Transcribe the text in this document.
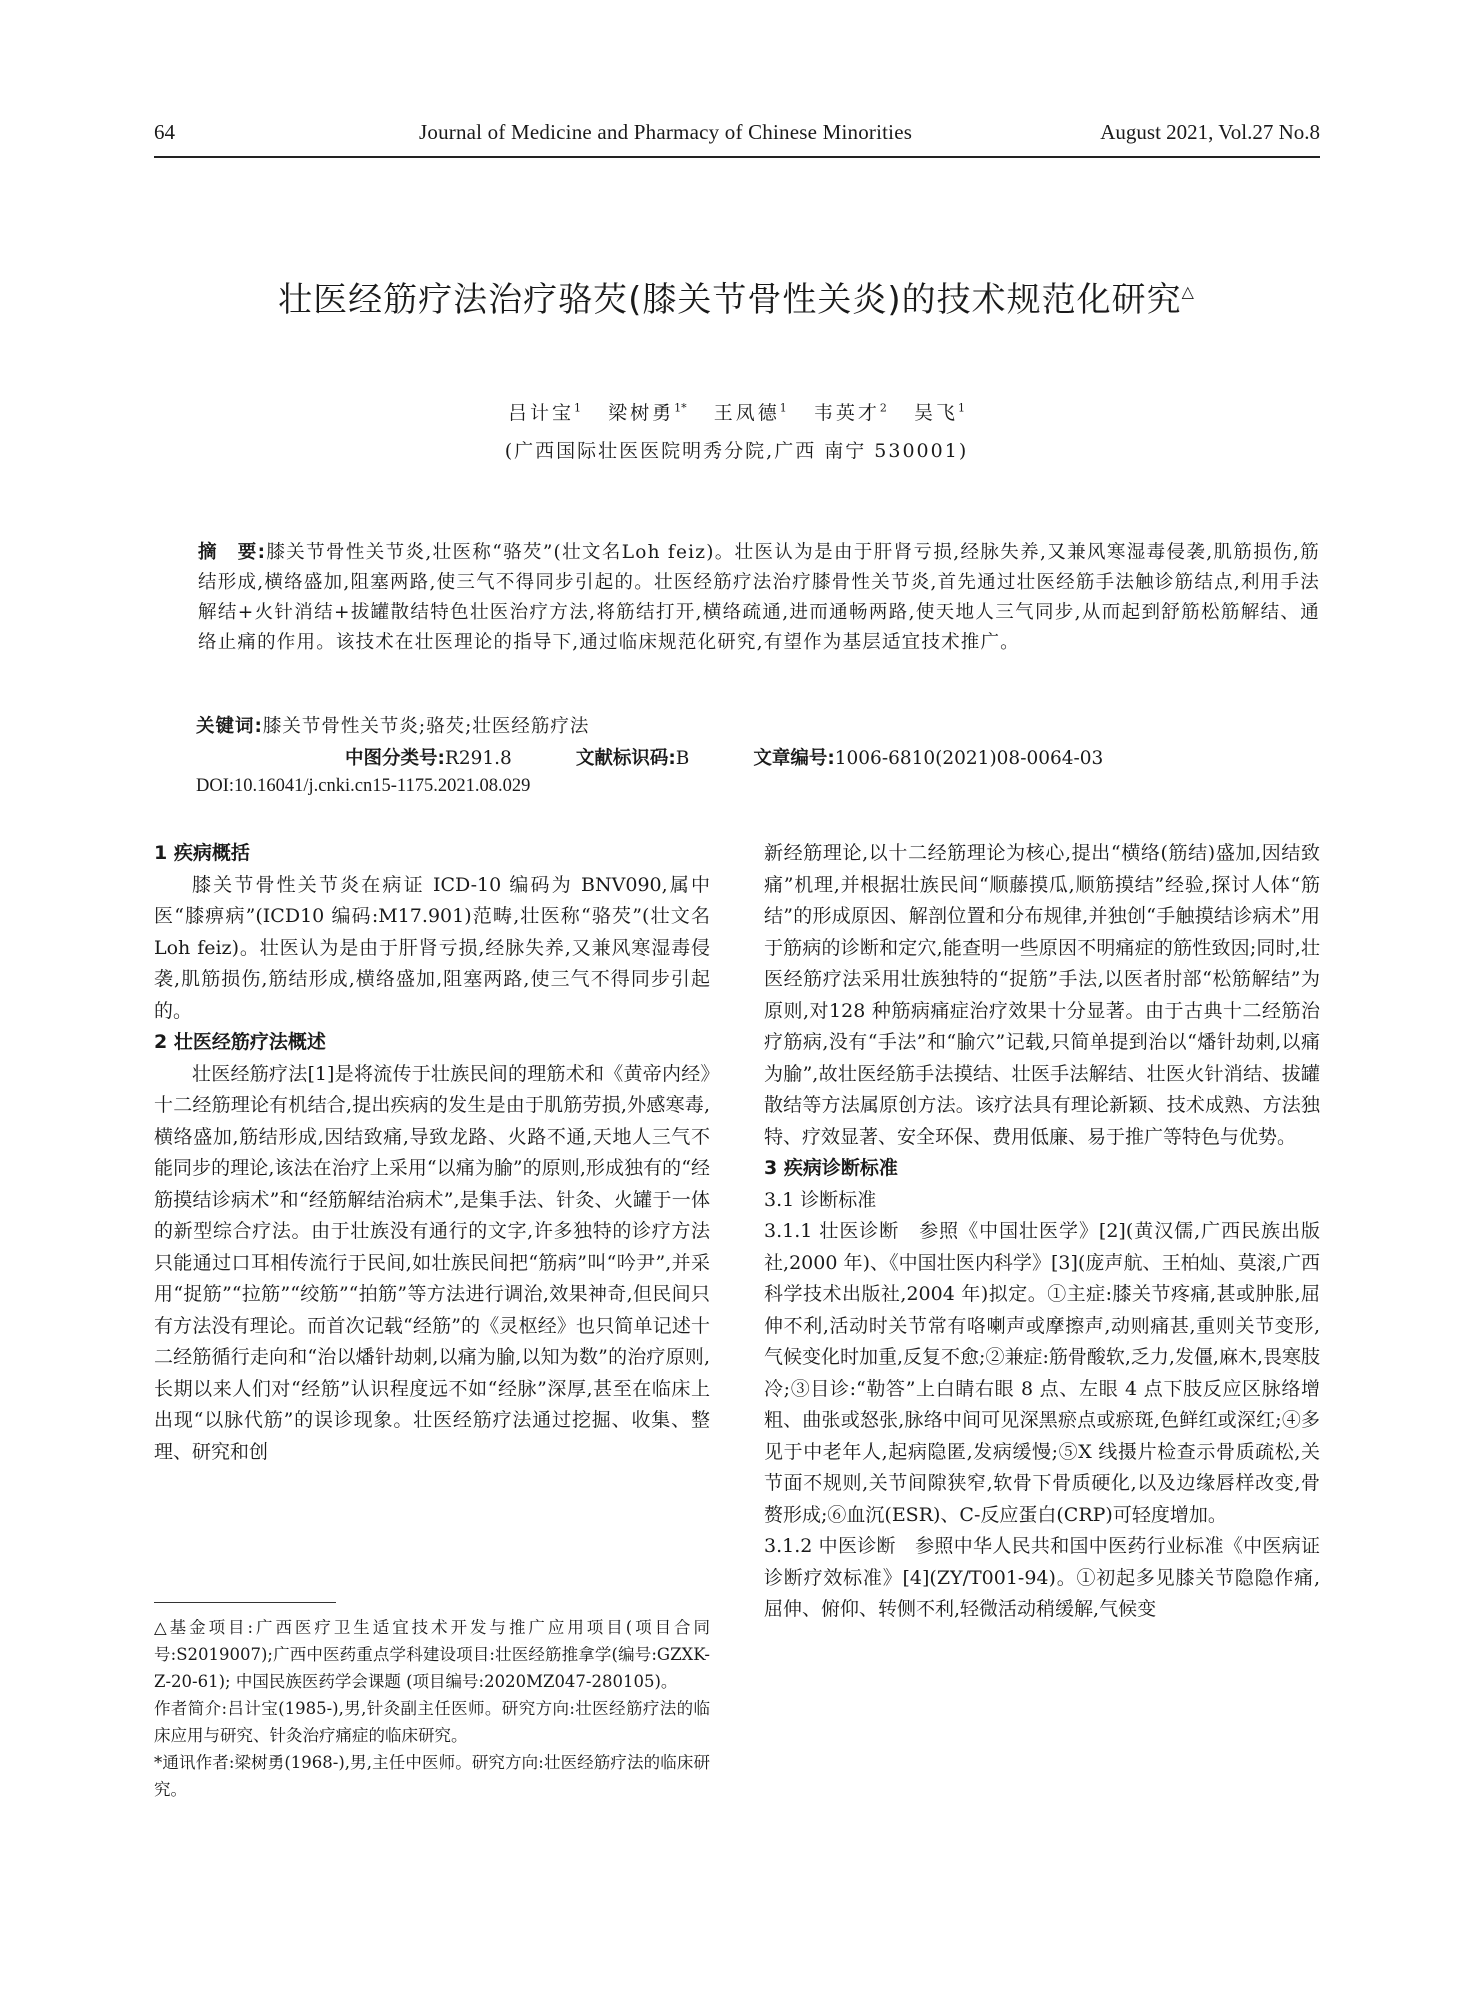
64	Journal of Medicine and Pharmacy of Chinese Minorities	August 2021, Vol.27 No.8
壮医经筋疗法治疗骆芡(膝关节骨性关炎)的技术规范化研究△
吕计宝$^1$ 梁树勇$^{1*}$ 王凤德$^1$ 韦英才$^2$ 吴飞$^1$
(广西国际壮医医院明秀分院,广西 南宁 530001)
摘　要:膝关节骨性关节炎,壮医称“骆芡”(壮文名Loh feiz)。壮医认为是由于肝肾亏损,经脉失养,又兼风寒湿毒侵袭,肌筋损伤,筋结形成,横络盛加,阻塞两路,使三气不得同步引起的。壮医经筋疗法治疗膝骨性关节炎,首先通过壮医经筋手法触诊筋结点,利用手法解结+火针消结+拔罐散结特色壮医治疗方法,将筋结打开,横络疏通,进而通畅两路,使天地人三气同步,从而起到舒筋松筋解结、通络止痛的作用。该技术在壮医理论的指导下,通过临床规范化研究,有望作为基层适宜技术推广。
关键词:膝关节骨性关节炎;骆芡;壮医经筋疗法
中图分类号:R291.8	文献标识码:B	文章编号:1006-6810(2021)08-0064-03
DOI:10.16041/j.cnki.cn15-1175.2021.08.029
1 疾病概括

膝关节骨性关节炎在病证 ICD-10 编码为 BNV090,属中医“膝痹病”(ICD10 编码:M17.901)范畴,壮医称“骆芡”(壮文名 Loh feiz)。壮医认为是由于肝肾亏损,经脉失养,又兼风寒湿毒侵袭,肌筋损伤,筋结形成,横络盛加,阻塞两路,使三气不得同步引起的。

2 壮医经筋疗法概述

壮医经筋疗法[1]是将流传于壮族民间的理筋术和《黄帝内经》十二经筋理论有机结合,提出疾病的发生是由于肌筋劳损,外感寒毒,横络盛加,筋结形成,因结致痛,导致龙路、火路不通,天地人三气不能同步的理论,该法在治疗上采用“以痛为腧”的原则,形成独有的“经筋摸结诊病术”和“经筋解结治病术”,是集手法、针灸、火罐于一体的新型综合疗法。由于壮族没有通行的文字,许多独特的诊疗方法只能通过口耳相传流行于民间,如壮族民间把“筋病”叫“吟尹”,并采用“捉筋”“拉筋”“绞筋”“拍筋”等方法进行调治,效果神奇,但民间只有方法没有理论。而首次记载“经筋”的《灵枢经》也只简单记述十二经筋循行走向和“治以燔针劫刺,以痛为腧,以知为数”的治疗原则,长期以来人们对“经筋”认识程度远不如“经脉”深厚,甚至在临床上出现“以脉代筋”的误诊现象。壮医经筋疗法通过挖掘、收集、整理、研究和创

新经筋理论,以十二经筋理论为核心,提出“横络(筋结)盛加,因结致痛”机理,并根据壮族民间“顺藤摸瓜,顺筋摸结”经验,探讨人体“筋结”的形成原因、解剖位置和分布规律,并独创“手触摸结诊病术”用于筋病的诊断和定穴,能查明一些原因不明痛症的筋性致因;同时,壮医经筋疗法采用壮族独特的“捉筋”手法,以医者肘部“松筋解结”为原则,对128 种筋病痛症治疗效果十分显著。由于古典十二经筋治疗筋病,没有“手法”和“腧穴”记载,只简单提到治以“燔针劫刺,以痛为腧”,故壮医经筋手法摸结、壮医手法解结、壮医火针消结、拔罐散结等方法属原创方法。该疗法具有理论新颖、技术成熟、方法独特、疗效显著、安全环保、费用低廉、易于推广等特色与优势。

3 疾病诊断标准
3.1 诊断标准

3.1.1 壮医诊断　参照《中国壮医学》[2](黄汉儒,广西民族出版社,2000 年)、《中国壮医内科学》[3](庞声航、王柏灿、莫滚,广西科学技术出版社,2004 年)拟定。①主症:膝关节疼痛,甚或肿胀,屈伸不利,活动时关节常有咯喇声或摩擦声,动则痛甚,重则关节变形,气候变化时加重,反复不愈;②兼症:筋骨酸软,乏力,发僵,麻木,畏寒肢冷;③目诊:“勒答”上白睛右眼 8 点、左眼 4 点下肢反应区脉络增粗、曲张或怒张,脉络中间可见深黑瘀点或瘀斑,色鲜红或深红;④多见于中老年人,起病隐匿,发病缓慢;⑤X 线摄片检查示骨质疏松,关节面不规则,关节间隙狭窄,软骨下骨质硬化,以及边缘唇样改变,骨赘形成;⑥血沉(ESR)、C-反应蛋白(CRP)可轻度增加。

3.1.2 中医诊断　参照中华人民共和国中医药行业标准《中医病证诊断疗效标准》[4](ZY/T001-94)。①初起多见膝关节隐隐作痛,屈伸、俯仰、转侧不利,轻微活动稍缓解,气候变

△基金项目:广西医疗卫生适宜技术开发与推广应用项目(项目合同号:S2019007);广西中医药重点学科建设项目:壮医经筋推拿学(编号:GZXK-Z-20-61); 中国民族医药学会课题 (项目编号:2020MZ047-280105)。

作者简介:吕计宝(1985-),男,针灸副主任医师。研究方向:壮医经筋疗法的临床应用与研究、针灸治疗痛症的临床研究。

*通讯作者:梁树勇(1968-),男,主任中医师。研究方向:壮医经筋疗法的临床研究。
